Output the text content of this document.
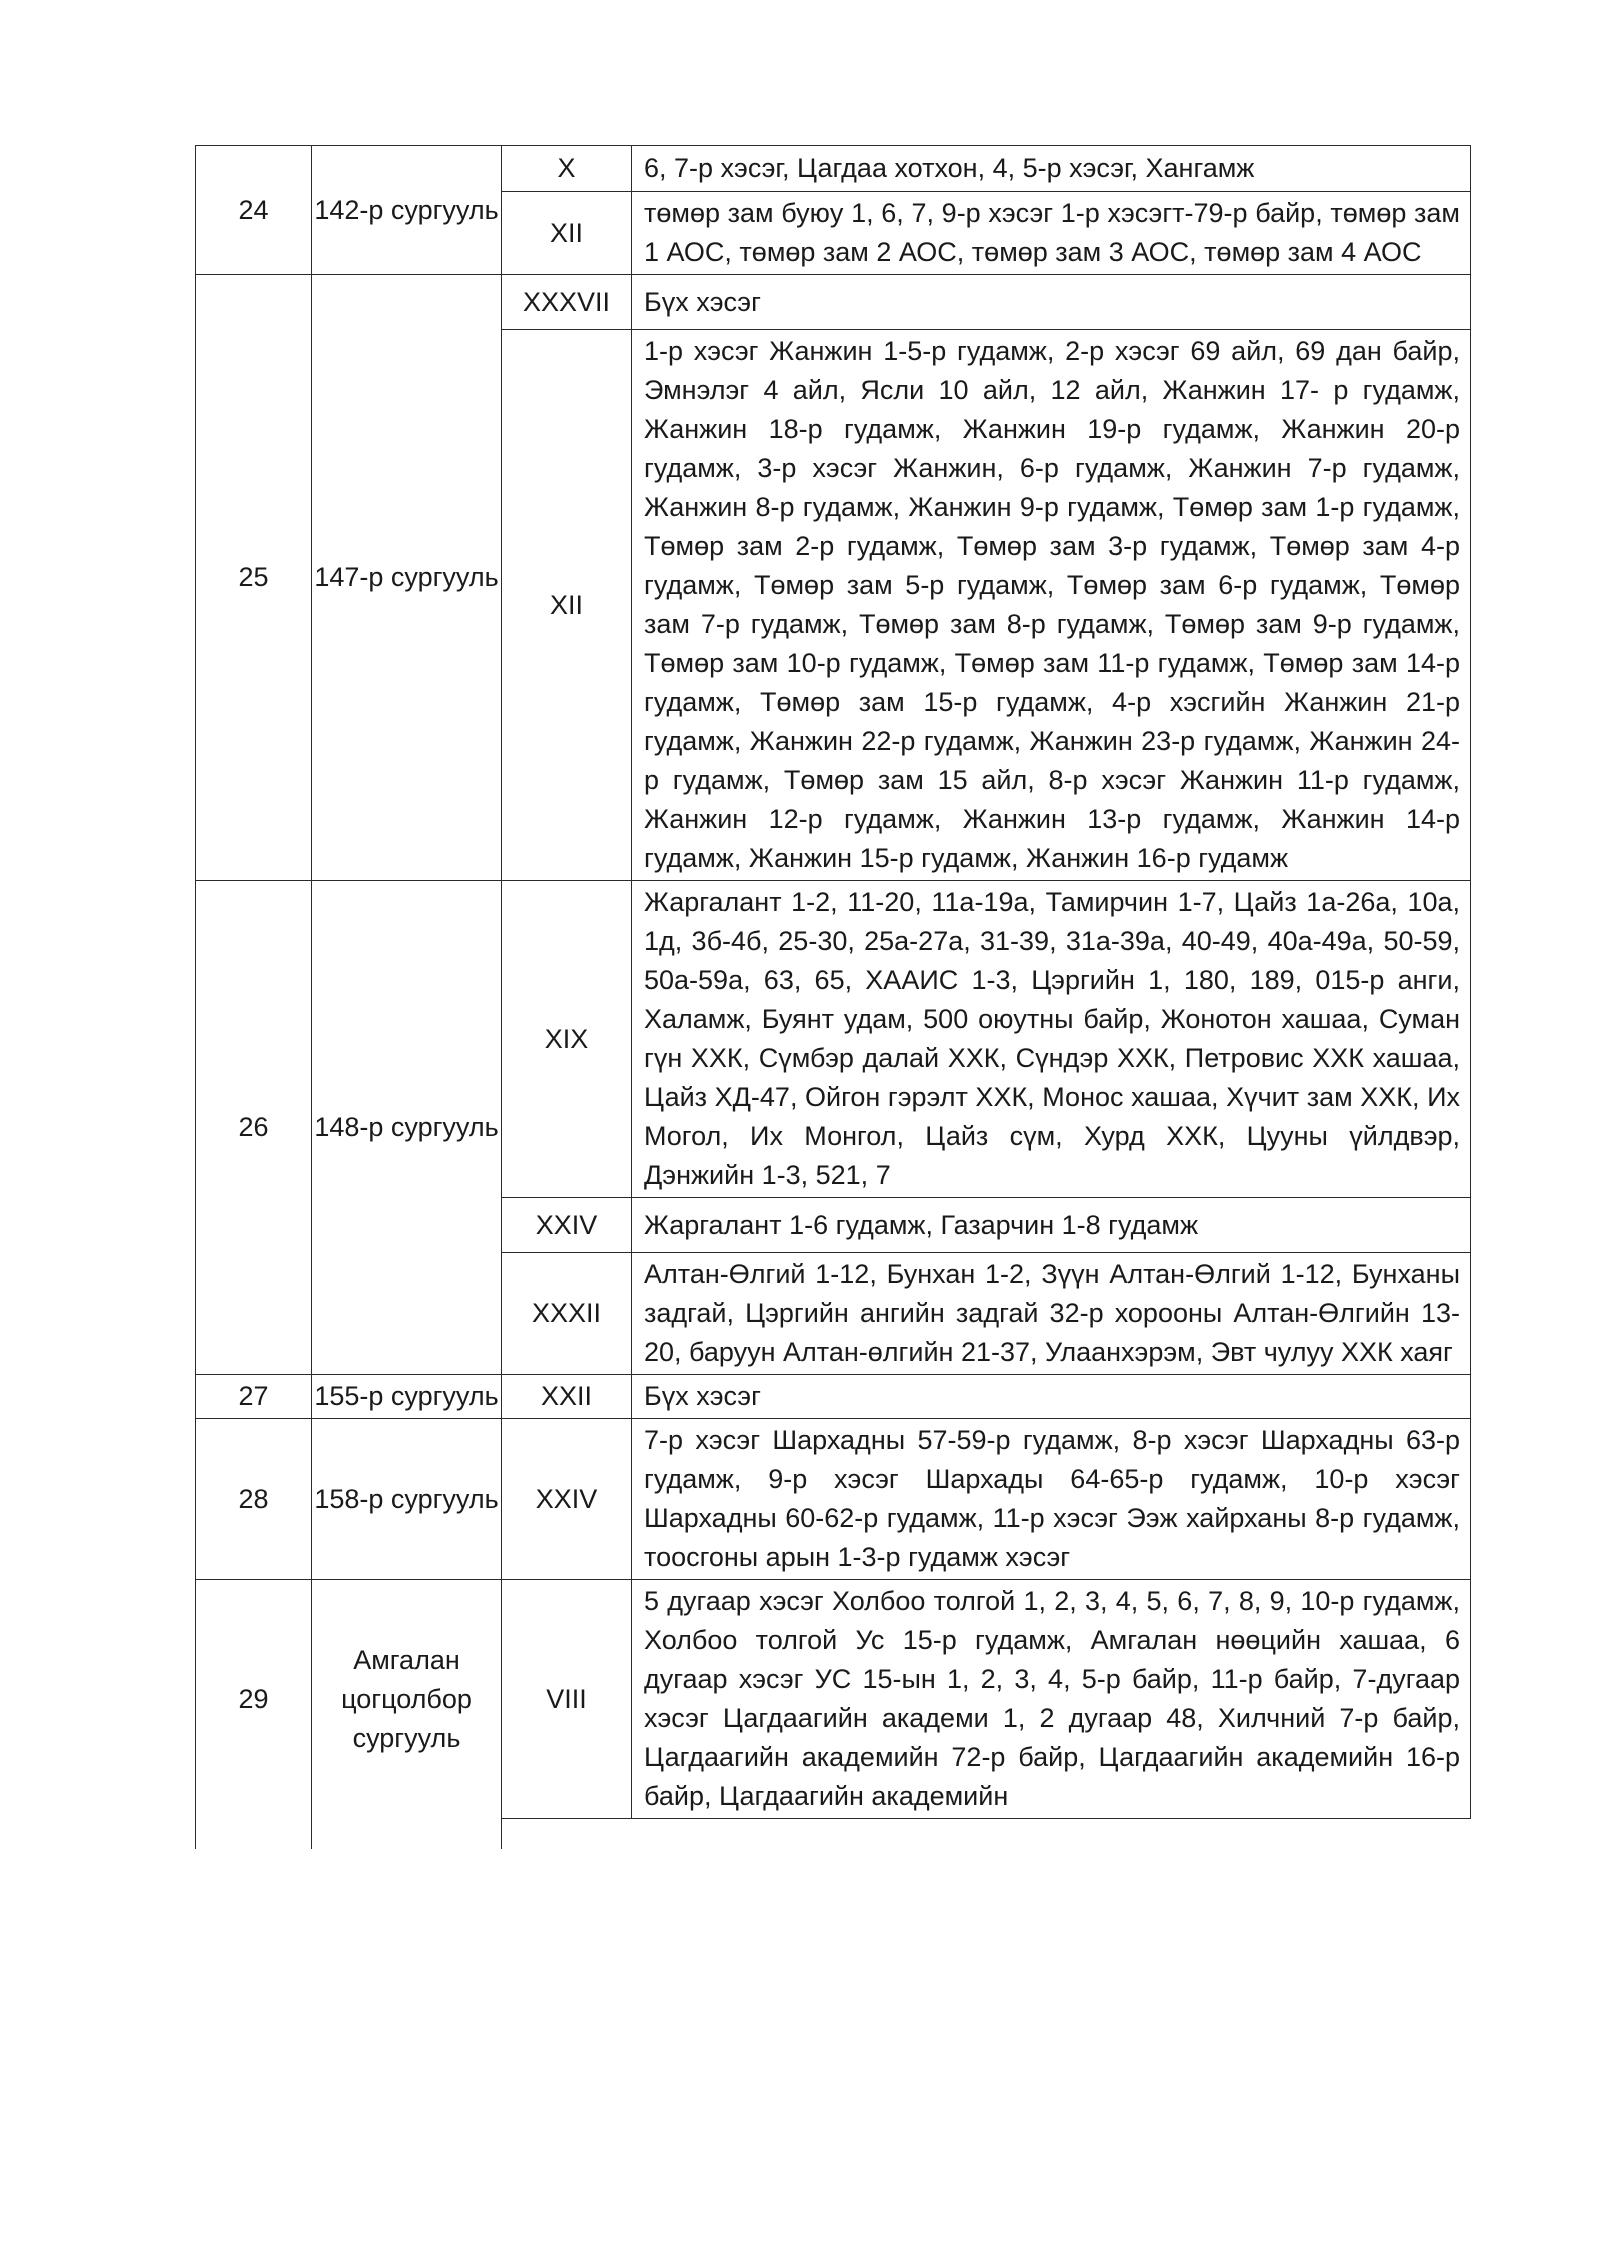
24	142-р сургууль	X	6, 7-р хэсэг, Цагдаа хотхон, 4, 5-р хэсэг, Хангамж
		XII	төмөр зам буюу 1, 6, 7, 9-р хэсэг 1-р хэсэгт-79-р байр, төмөр зам 1 АОС, төмөр зам 2 АОС, төмөр зам 3 АОС, төмөр зам 4 АОС
25	147-р сургууль	XXXVII	Бүх хэсэг
		XII	1-р хэсэг Жанжин 1-5-р гудамж, 2-р хэсэг 69 айл, 69 дан байр, Эмнэлэг 4 айл, Ясли 10 айл, 12 айл, Жанжин 17- р гудамж, Жанжин 18-р гудамж, Жанжин 19-р гудамж, Жанжин 20-р гудамж, 3-р хэсэг Жанжин, 6-р гудамж, Жанжин 7-р гудамж, Жанжин 8-р гудамж, Жанжин 9-р гудамж, Төмөр зам 1-р гудамж, Төмөр зам 2-р гудамж, Төмөр зам 3-р гудамж, Төмөр зам 4-р гудамж, Төмөр зам 5-р гудамж, Төмөр зам 6-р гудамж, Төмөр зам 7-р гудамж, Төмөр зам 8-р гудамж, Төмөр зам 9-р гудамж, Төмөр зам 10-р гудамж, Төмөр зам 11-р гудамж, Төмөр зам 14-р гудамж, Төмөр зам 15-р гудамж, 4-р хэсгийн Жанжин 21-р гудамж, Жанжин 22-р гудамж, Жанжин 23-р гудамж, Жанжин 24-р гудамж, Төмөр зам 15 айл, 8-р хэсэг Жанжин 11-р гудамж, Жанжин 12-р гудамж, Жанжин 13-р гудамж, Жанжин 14-р гудамж, Жанжин 15-р гудамж, Жанжин 16-р гудамж
26	148-р сургууль	XIX	Жаргалант 1-2, 11-20, 11а-19а, Тамирчин 1-7, Цайз 1а-26а, 10а, 1д, 3б-4б, 25-30, 25а-27а, 31-39, 31а-39а, 40-49, 40а-49а, 50-59, 50а-59а, 63, 65, ХААИС 1-3, Цэргийн 1, 180, 189, 015-р анги, Халамж, Буянт удам, 500 оюутны байр, Жонотон хашаа, Суман гүн ХХК, Сүмбэр далай ХХК, Сүндэр ХХК, Петровис ХХК хашаа, Цайз ХД-47, Ойгон гэрэлт ХХК, Монос хашаа, Хүчит зам ХХК, Их Могол, Их Монгол, Цайз сүм, Хурд ХХК, Цууны үйлдвэр, Дэнжийн 1-3, 521, 7
		XXIV	Жаргалант 1-6 гудамж, Газарчин 1-8 гудамж
		XXXII	Алтан-Өлгий 1-12, Бунхан 1-2, Зүүн Алтан-Өлгий 1-12, Бунханы задгай, Цэргийн ангийн задгай 32-р хорооны Алтан-Өлгийн 13-20, баруун Алтан-өлгийн 21-37, Улаанхэрэм, Эвт чулуу ХХК хаяг
27	155-р сургууль	XXII	Бүх хэсэг
28	158-р сургууль	XXIV	7-р хэсэг Шархадны 57-59-р гудамж, 8-р хэсэг Шархадны 63-р гудамж, 9-р хэсэг Шархады 64-65-р гудамж, 10-р хэсэг Шархадны 60-62-р гудамж, 11-р хэсэг Ээж хайрханы 8-р гудамж, тоосгоны арын 1-3-р гудамж хэсэг
29	Амгалан цогцолбор сургууль	VIII	5 дугаар хэсэг Холбоо толгой 1, 2, 3, 4, 5, 6, 7, 8, 9, 10-р гудамж, Холбоо толгой Ус 15-р гудамж, Амгалан нөөцийн хашаа, 6 дугаар хэсэг УС 15-ын 1, 2, 3, 4, 5-р байр, 11-р байр, 7-дугаар хэсэг Цагдаагийн академи 1, 2 дугаар 48, Хилчний 7-р байр, Цагдаагийн академийн 72-р байр, Цагдаагийн академийн 16-р байр, Цагдаагийн академийн
